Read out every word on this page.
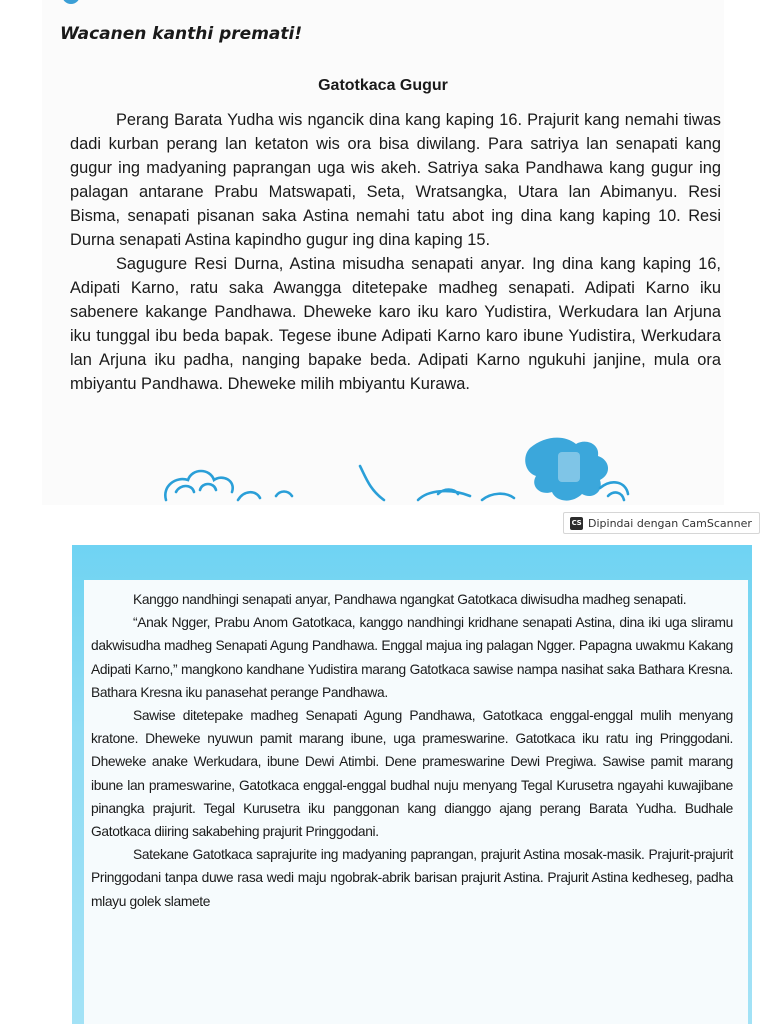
Wacanen kanthi premati!
Gatotkaca Gugur

Perang Barata Yudha wis ngancik dina kang kaping 16. Prajurit kang nemahi tiwas dadi kurban perang lan ketaton wis ora bisa diwilang. Para satriya lan senapati kang gugur ing madyaning paprangan uga wis akeh. Satriya saka Pandhawa kang gugur ing palagan antarane Prabu Matswapati, Seta, Wratsangka, Utara lan Abimanyu. Resi Bisma, senapati pisanan saka Astina nemahi tatu abot ing dina kang kaping 10. Resi Durna senapati Astina kapindho gugur ing dina kaping 15.

Sagugure Resi Durna, Astina misudha senapati anyar. Ing dina kang kaping 16, Adipati Karno, ratu saka Awangga ditetepake madheg senapati. Adipati Karno iku sabenere kakange Pandhawa. Dheweke karo iku karo Yudistira, Werkudara lan Arjuna iku tunggal ibu beda bapak. Tegese ibune Adipati Karno karo ibune Yudistira, Werkudara lan Arjuna iku padha, nanging bapake beda. Adipati Karno ngukuhi janjine, mula ora mbiyantu Pandhawa. Dheweke milih mbiyantu Kurawa.

CS Dipindai dengan CamScanner

Kanggo nandhingi senapati anyar, Pandhawa ngangkat Gatotkaca diwisudha madheg senapati.

“Anak Ngger, Prabu Anom Gatotkaca, kanggo nandhingi kridhane senapati Astina, dina iki uga sliramu dakwisudha madheg Senapati Agung Pandhawa. Enggal majua ing palagan Ngger. Papagna uwakmu Kakang Adipati Karno,” mangkono kandhane Yudistira marang Gatotkaca sawise nampa nasihat saka Bathara Kresna. Bathara Kresna iku panasehat perange Pandhawa.

Sawise ditetepake madheg Senapati Agung Pandhawa, Gatotkaca enggal-enggal mulih menyang kratone. Dheweke nyuwun pamit marang ibune, uga prameswarine. Gatotkaca iku ratu ing Pringgodani. Dheweke anake Werkudara, ibune Dewi Atimbi. Dene prameswarine Dewi Pregiwa. Sawise pamit marang ibune lan prameswarine, Gatotkaca enggal-enggal budhal nuju menyang Tegal Kurusetra ngayahi kuwajibane pinangka prajurit. Tegal Kurusetra iku panggonan kang dianggo ajang perang Barata Yudha. Budhale Gatotkaca diiring sakabehing prajurit Pringgodani.

Satekane Gatotkaca saprajurite ing madyaning paprangan, prajurit Astina mosak-masik. Prajurit-prajurit Pringgodani tanpa duwe rasa wedi maju ngobrak-abrik barisan prajurit Astina. Prajurit Astina kedheseg, padha mlayu golek slamete
